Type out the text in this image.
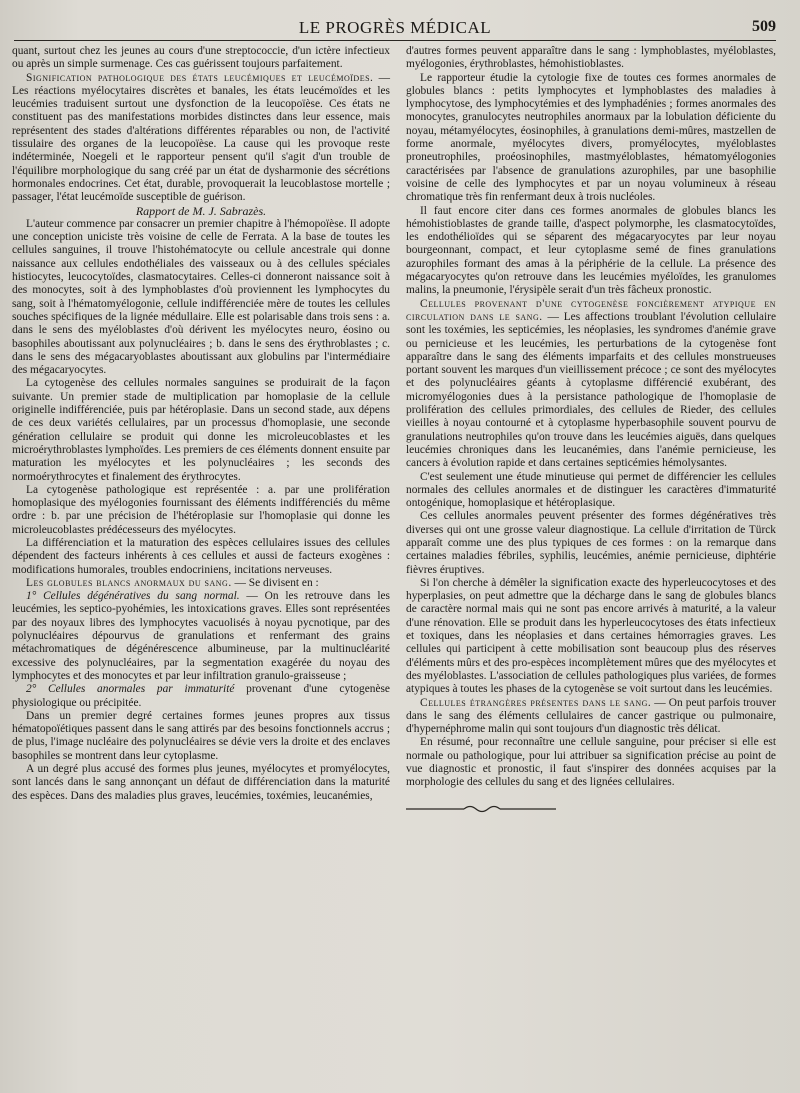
LE PROGRÈS MÉDICAL	509

quant, surtout chez les jeunes au cours d'une streptococcie, d'un ictère infectieux ou après un simple surmenage. Ces cas guérissent toujours parfaitement.

Signification pathologique des états leucémiques et leucémoïdes. — Les réactions myélocytaires discrètes et banales, les états leucémoïdes et les leucémies traduisent surtout une dysfonction de la leucopoïèse. Ces états ne constituent pas des manifestations morbides distinctes dans leur essence, mais représentent des stades d'altérations différentes réparables ou non, de l'activité tissulaire des organes de la leucopoïèse. La cause qui les provoque reste indéterminée, Noegeli et le rapporteur pensent qu'il s'agit d'un trouble de l'équilibre morphologique du sang créé par un état de dysharmonie des sécrétions hormonales endocrines. Cet état, durable, provoquerait la leucoblastose mortelle ; passager, l'état leucémoïde susceptible de guérison.

Rapport de M. J. Sabrazès.

L'auteur commence par consacrer un premier chapitre à l'hémopoïèse. Il adopte une conception uniciste très voisine de celle de Ferrata. A la base de toutes les cellules sanguines, il trouve l'histohématocyte ou cellule ancestrale qui donne naissance aux cellules endothéliales des vaisseaux ou à des cellules spéciales histiocytes, leucocytoïdes, clasmatocytaires. Celles-ci donneront naissance soit à des monocytes, soit à des lymphoblastes d'où proviennent les lymphocytes du sang, soit à l'hématomyélogonie, cellule indifférenciée mère de toutes les cellules souches spécifiques de la lignée médullaire. Elle est polarisable dans trois sens : a. dans le sens des myéloblastes d'où dérivent les myélocytes neuro, éosino ou basophiles aboutissant aux polynucléaires ; b. dans le sens des érythroblastes ; c. dans le sens des mégacaryoblastes aboutissant aux globulins par l'intermédiaire des mégacaryocytes.

La cytogenèse des cellules normales sanguines se produirait de la façon suivante. Un premier stade de multiplication par homoplasie de la cellule originelle indifférenciée, puis par hétéroplasie. Dans un second stade, aux dépens de ces deux variétés cellulaires, par un processus d'homoplasie, une seconde génération cellulaire se produit qui donne les microleucoblastes et les microérythroblastes lymphoïdes. Les premiers de ces éléments donnent ensuite par maturation les myélocytes et les polynucléaires ; les seconds des normoérythrocytes et finalement des érythrocytes.

La cytogenèse pathologique est représentée : a. par une prolifération homoplasique des myélogonies fournissant des éléments indifférenciés du même ordre : b. par une précision de l'hétéroplasie sur l'homoplasie qui donne les microleucoblastes prédécesseurs des myélocytes.

La différenciation et la maturation des espèces cellulaires issues des cellules dépendent des facteurs inhérents à ces cellules et aussi de facteurs exogènes : modifications humorales, troubles endocriniens, incitations nerveuses.

Les globules blancs anormaux du sang. — Se divisent en :

1° Cellules dégénératives du sang normal. — On les retrouve dans les leucémies, les septico-pyohémies, les intoxications graves. Elles sont représentées par des noyaux libres des lymphocytes vacuolisés à noyau pycnotique, par des polynucléaires dépourvus de granulations et renfermant des grains métachromatiques de dégénérescence albumineuse, par la multinucléarité excessive des polynucléaires, par la segmentation exagérée du noyau des lymphocytes et des monocytes et par leur infiltration granulo-graisseuse ;

2° Cellules anormales par immaturité provenant d'une cytogenèse physiologique ou précipitée.

Dans un premier degré certaines formes jeunes propres aux tissus hématopoïétiques passent dans le sang attirés par des besoins fonctionnels accrus ; de plus, l'image nucléaire des polynucléaires se dévie vers la droite et des enclaves basophiles se montrent dans leur cytoplasme.

A un degré plus accusé des formes plus jeunes, myélocytes et promyélocytes, sont lancés dans le sang annonçant un défaut de différenciation dans la maturité des espèces. Dans des maladies plus graves, leucémies, toxémies, leucanémies,

d'autres formes peuvent apparaître dans le sang : lymphoblastes, myéloblastes, myélogonies, érythroblastes, hémohistioblastes.

Le rapporteur étudie la cytologie fixe de toutes ces formes anormales de globules blancs : petits lymphocytes et lymphoblastes des maladies à lymphocytose, des lymphocytémies et des lymphadénies ; formes anormales des monocytes, granulocytes neutrophiles anormaux par la lobulation déficiente du noyau, métamyélocytes, éosinophiles, à granulations demi-mûres, mastzellen de forme anormale, myélocytes divers, promyélocytes, myéloblastes proneutrophiles, proéosinophiles, mastmyéloblastes, hématomyélogonies caractérisées par l'absence de granulations azurophiles, par une basophilie voisine de celle des lymphocytes et par un noyau volumineux à réseau chromatique très fin renfermant deux à trois nucléoles.

Il faut encore citer dans ces formes anormales de globules blancs les hémohistioblastes de grande taille, d'aspect polymorphe, les clasmatocytoïdes, les endothélioïdes qui se séparent des mégacaryocytes par leur noyau bourgeonnant, compact, et leur cytoplasme semé de fines granulations azurophiles formant des amas à la périphérie de la cellule. La présence des mégacaryocytes qu'on retrouve dans les leucémies myéloïdes, les granulomes malins, la pneumonie, l'érysipèle serait d'un très fâcheux pronostic.

Cellules provenant d'une cytogenèse foncièrement atypique en circulation dans le sang. — Les affections troublant l'évolution cellulaire sont les toxémies, les septicémies, les néoplasies, les syndromes d'anémie grave ou pernicieuse et les leucémies, les perturbations de la cytogenèse font apparaître dans le sang des éléments imparfaits et des cellules monstrueuses portant souvent les marques d'un vieillissement précoce ; ce sont des myélocytes et des polynucléaires géants à cytoplasme différencié exubérant, des micromyélogonies dues à la persistance pathologique de l'homoplasie de prolifération des cellules primordiales, des cellules de Rieder, des cellules vieilles à noyau contourné et à cytoplasme hyperbasophile souvent pourvu de granulations neutrophiles qu'on trouve dans les leucémies aiguës, dans quelques leucémies chroniques dans les leucanémies, dans l'anémie pernicieuse, les cancers à évolution rapide et dans certaines septicémies hémolysantes.

C'est seulement une étude minutieuse qui permet de différencier les cellules normales des cellules anormales et de distinguer les caractères d'immaturité ontogénique, homoplasique et hétéroplasique.

Ces cellules anormales peuvent présenter des formes dégénératives très diverses qui ont une grosse valeur diagnostique. La cellule d'irritation de Türck apparaît comme une des plus typiques de ces formes : on la remarque dans certaines maladies fébriles, syphilis, leucémies, anémie pernicieuse, diphtérie fièvres éruptives.

Si l'on cherche à démêler la signification exacte des hyperleucocytoses et des hyperplasies, on peut admettre que la décharge dans le sang de globules blancs de caractère normal mais qui ne sont pas encore arrivés à maturité, a la valeur d'une rénovation. Elle se produit dans les hyperleucocytoses des états infectieux et toxiques, dans les néoplasies et dans certaines hémorragies graves. Les cellules qui participent à cette mobilisation sont beaucoup plus des réserves d'éléments mûrs et des pro-espèces incomplètement mûres que des myélocytes et des myéloblastes. L'association de cellules pathologiques plus variées, de formes atypiques à toutes les phases de la cytogenèse se voit surtout dans les leucémies.

Cellules étrangères présentes dans le sang. — On peut parfois trouver dans le sang des éléments cellulaires de cancer gastrique ou pulmonaire, d'hypernéphrome malin qui sont toujours d'un diagnostic très délicat.

En résumé, pour reconnaître une cellule sanguine, pour préciser si elle est normale ou pathologique, pour lui attribuer sa signification précise au point de vue diagnostic et pronostic, il faut s'inspirer des données acquises par la morphologie des cellules du sang et des lignées cellulaires.
